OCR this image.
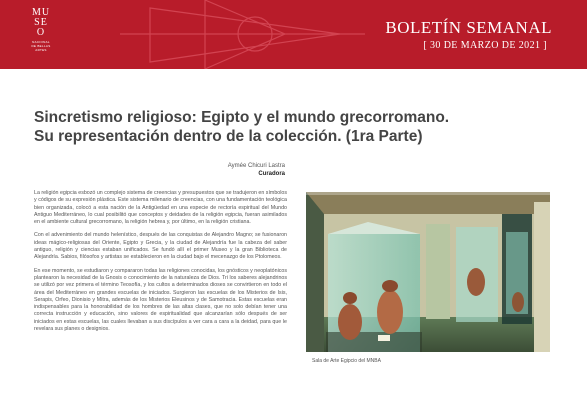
MU
SE
O
NACIONAL
DE BELLAS
ARTES
BOLETÍN SEMANAL
[ 30 DE MARZO DE 2021 ]
Sincretismo religioso: Egipto y el mundo grecorromano.
Su representación dentro de la colección. (1ra Parte)
Aymée Chicuri Lastra
Curadora

La religión egipcia esbozó un complejo sistema de creencias y presupuestos que se tradujeron en símbolos y códigos de su expresión plástica. Este sistema milenario de creencias, con una fundamentación teológica bien organizada, colocó a esta nación de la Antigüedad en una especie de rectoría espiritual del Mundo Antiguo Mediterráneo, lo cual posibilitó que conceptos y deidades de la religión egipcia, fueran asimilados en el ambiente cultural grecorromano, la religión hebrea y, por último, en la religión cristiana.

Con el advenimiento del mundo helenístico, después de las conquistas de Alejandro Magno; se fusionaron ideas mágico-religiosas del Oriente, Egipto y Grecia, y la ciudad de Alejandría fue la cabeza del saber antiguo, religión y ciencias estaban unificados. Se fundó allí el primer Museo y la gran Biblioteca de Alejandría. Sabios, filósofos y artistas se establecieron en la ciudad bajo el mecenazgo de los Ptolomeos.

En ese momento, se estudiaron y compararon todas las religiones conocidas, los gnósticos y neoplatónicos plantearon la necesidad de la Gnosis o conocimiento de la naturaleza de Dios. Tri los saberes alejandrinos se utilizó por vez primera el término Teosofía, y los cultos a determinados dioses se convirtieron en todo el área del Mediterráneo en grandes escuelas de iniciados. Surgieron las escuelas de los Misterios de Isis, Serapis, Orfeo, Dionisio y Mitra, además de los Misterios Eleusinos y de Samotracia. Estas escuelas eran indispensables para la honorabilidad de los hombres de las altas clases, que no solo debían tener una correcta instrucción y educación, sino valores de espiritualidad que alcanzarían sólo después de ser iniciados en estas escuelas, las cuales llevaban a sus discípulos a ver cara a cara a la deidad, para que le revelara sus planes o designios.

Sala de Arte Egipcio del MNBA
